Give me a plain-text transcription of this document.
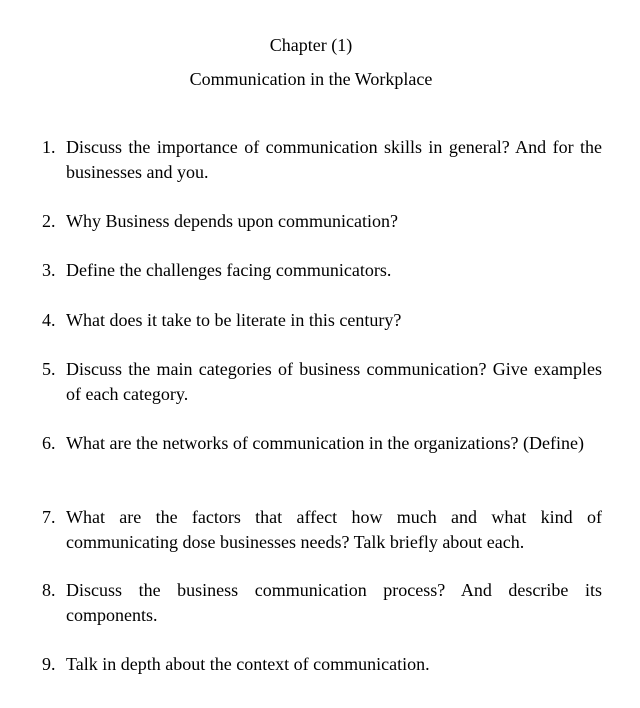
Chapter (1)
Communication in the Workplace
1. Discuss the importance of communication skills in general? And for the businesses and you.
2. Why Business depends upon communication?
3. Define the challenges facing communicators.
4. What does it take to be literate in this century?
5. Discuss the main categories of business communication? Give examples of each category.
6. What are the networks of communication in the organizations? (Define)
7. What are the factors that affect how much and what kind of communicating dose businesses needs? Talk briefly about each.
8. Discuss the business communication process? And describe its components.
9. Talk in depth about the context of communication.
